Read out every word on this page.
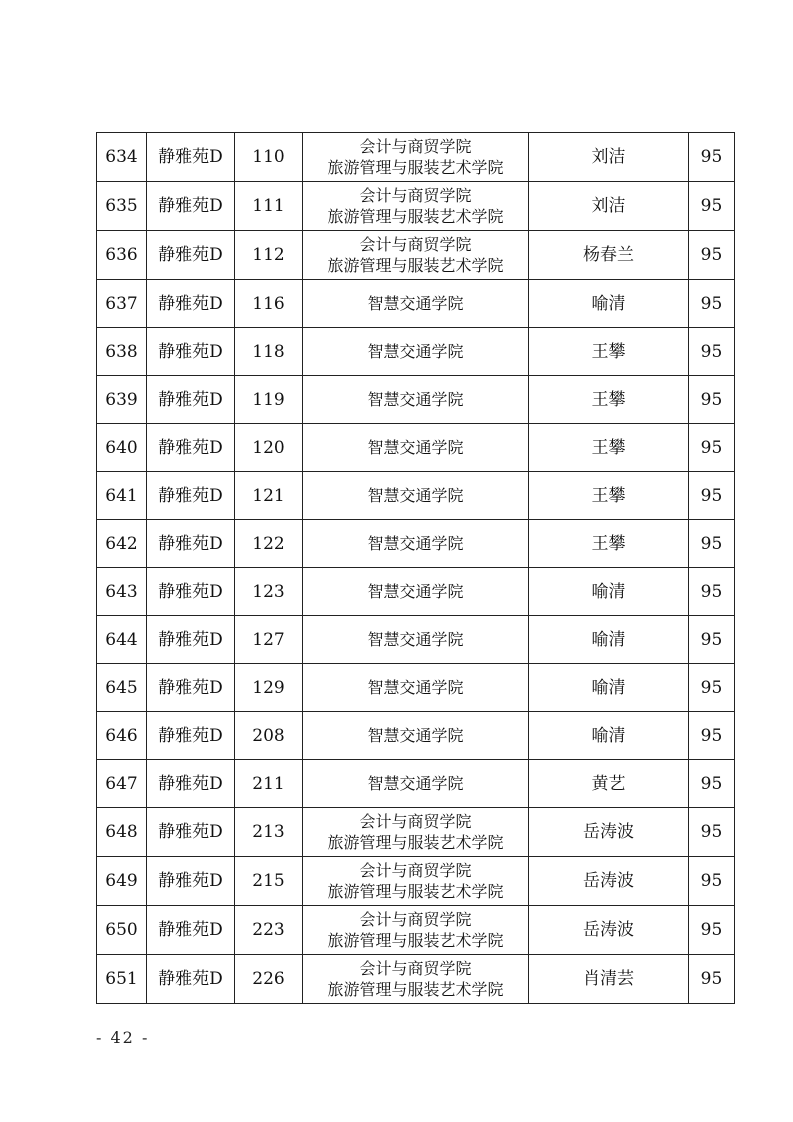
634	静雅苑D	110	会计与商贸学院
旅游管理与服装艺术学院	刘洁	95
635	静雅苑D	111	会计与商贸学院
旅游管理与服装艺术学院	刘洁	95
636	静雅苑D	112	会计与商贸学院
旅游管理与服装艺术学院	杨春兰	95
637	静雅苑D	116	智慧交通学院	喻清	95
638	静雅苑D	118	智慧交通学院	王攀	95
639	静雅苑D	119	智慧交通学院	王攀	95
640	静雅苑D	120	智慧交通学院	王攀	95
641	静雅苑D	121	智慧交通学院	王攀	95
642	静雅苑D	122	智慧交通学院	王攀	95
643	静雅苑D	123	智慧交通学院	喻清	95
644	静雅苑D	127	智慧交通学院	喻清	95
645	静雅苑D	129	智慧交通学院	喻清	95
646	静雅苑D	208	智慧交通学院	喻清	95
647	静雅苑D	211	智慧交通学院	黄艺	95
648	静雅苑D	213	会计与商贸学院
旅游管理与服装艺术学院	岳涛波	95
649	静雅苑D	215	会计与商贸学院
旅游管理与服装艺术学院	岳涛波	95
650	静雅苑D	223	会计与商贸学院
旅游管理与服装艺术学院	岳涛波	95
651	静雅苑D	226	会计与商贸学院
旅游管理与服装艺术学院	肖清芸	95
- 42 -
